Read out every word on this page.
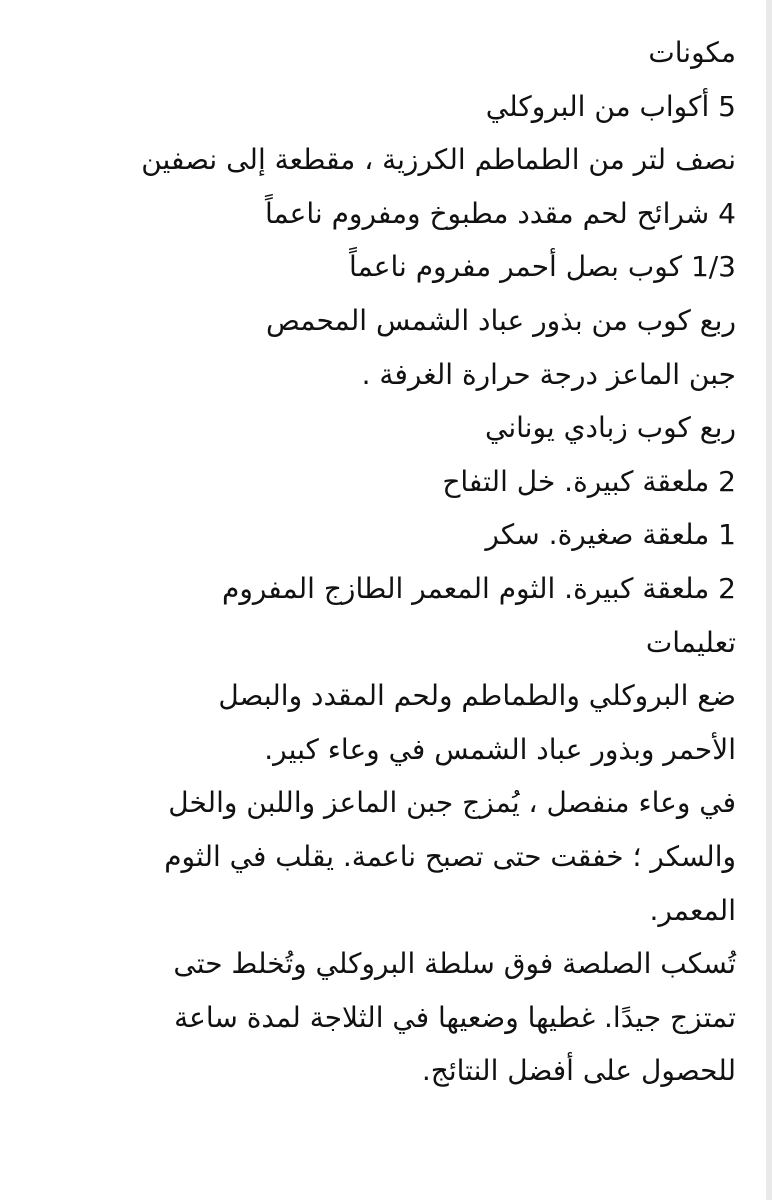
مكونات
5 أكواب من البروكلي
نصف لتر من الطماطم الكرزية ، مقطعة إلى نصفين
4 شرائح لحم مقدد مطبوخ ومفروم ناعماً
1/3 كوب بصل أحمر مفروم ناعماً
ربع كوب من بذور عباد الشمس المحمص
جبن الماعز درجة حرارة الغرفة .
ربع كوب زبادي يوناني
2 ملعقة كبيرة. خل التفاح
1 ملعقة صغيرة. سكر
2 ملعقة كبيرة. الثوم المعمر الطازج المفروم
تعليمات
ضع البروكلي والطماطم ولحم المقدد والبصل
الأحمر وبذور عباد الشمس في وعاء كبير.
في وعاء منفصل ، يُمزج جبن الماعز واللبن والخل
والسكر ؛ خفقت حتى تصبح ناعمة. يقلب في الثوم
المعمر.
تُسكب الصلصة فوق سلطة البروكلي وتُخلط حتى
تمتزج جيدًا. غطيها وضعيها في الثلاجة لمدة ساعة
للحصول على أفضل النتائج.
